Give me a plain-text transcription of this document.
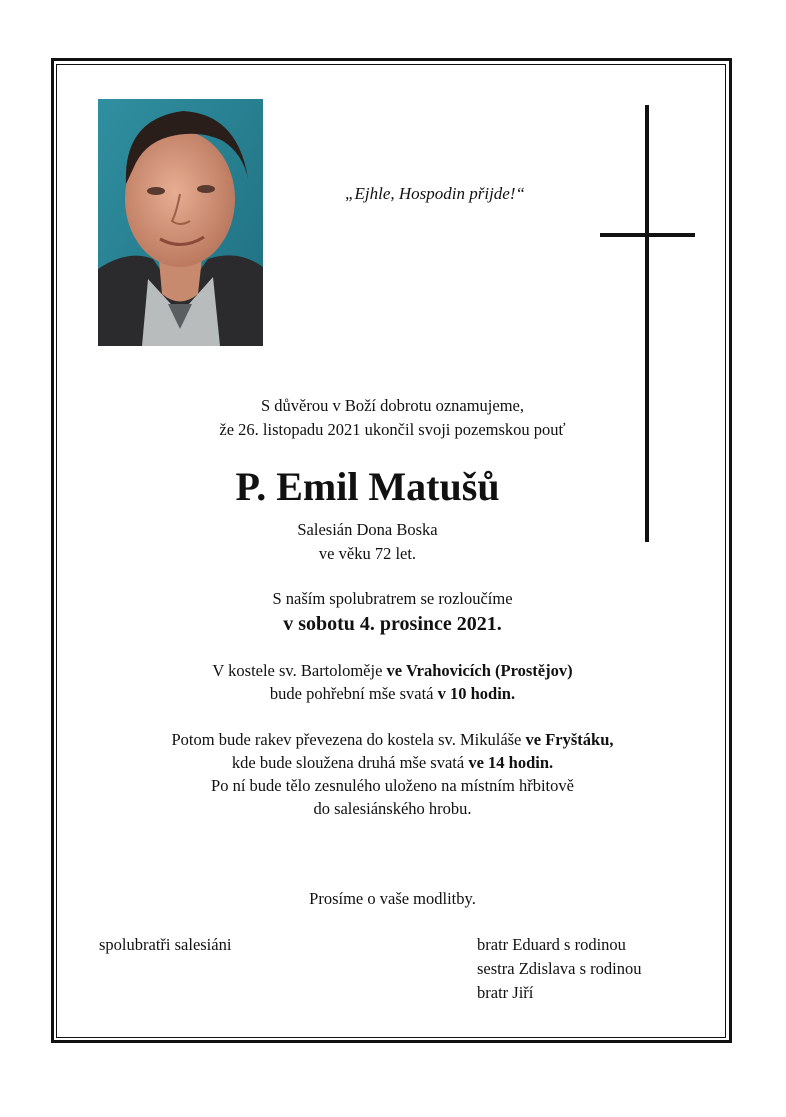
„Ejhle, Hospodin přijde!“
S důvěrou v Boží dobrotu oznamujeme,
že 26. listopadu 2021 ukončil svoji pozemskou pouť
P. Emil Matušů
Salesián Dona Boska
ve věku 72 let.
S naším spolubratrem se rozloučíme
v sobotu 4. prosince 2021.
V kostele sv. Bartoloměje ve Vrahovicích (Prostějov)
bude pohřební mše svatá v 10 hodin.
Potom bude rakev převezena do kostela sv. Mikuláše ve Fryštáku,
kde bude sloužena druhá mše svatá ve 14 hodin.
Po ní bude tělo zesnulého uloženo na místním hřbitově
do salesiánského hrobu.
Prosíme o vaše modlitby.
spolubratři salesiáni	bratr Eduard s rodinou
sestra Zdislava s rodinou
bratr Jiří
